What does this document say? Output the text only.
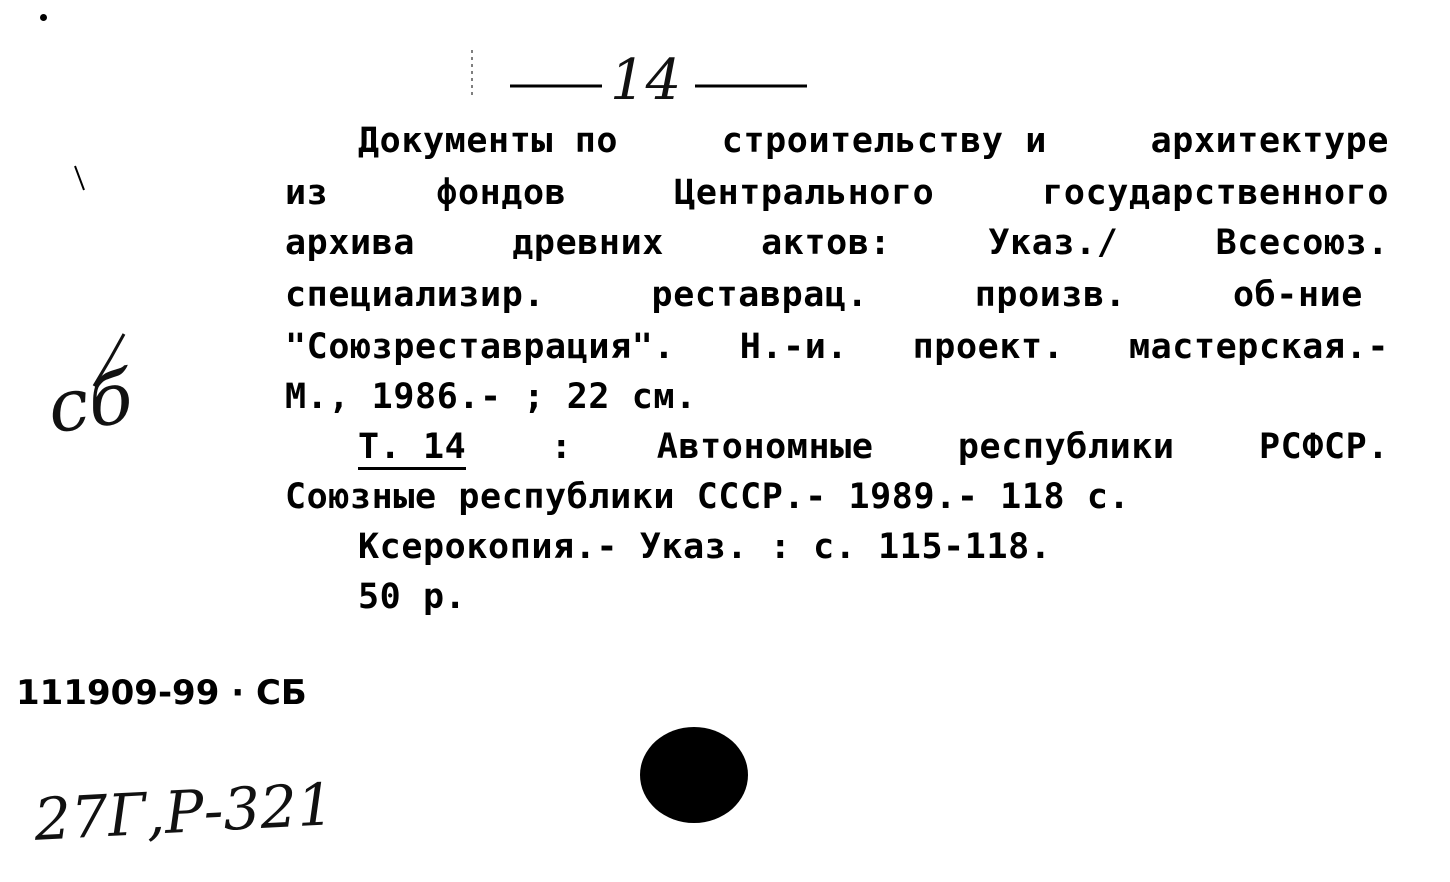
14
Документы по	строительству и	архитектуре
из	фондов	Центрального	государственного
архива	древних	актов:	Указ./	Всесоюз.
специализир.	реставрац.	произв.	об-ние
"Союзреставрация". Н.-и. проект. мастерская.-
М., 1986.- ; 22 см.
Т. 14 : Автономные республики РСФСР.
Союзные республики СССР.- 1989.- 118 с.
Ксерокопия.- Указ. : с. 115-118.
50 р.
111909-99 · СБ
сб
27Г,Р-321
